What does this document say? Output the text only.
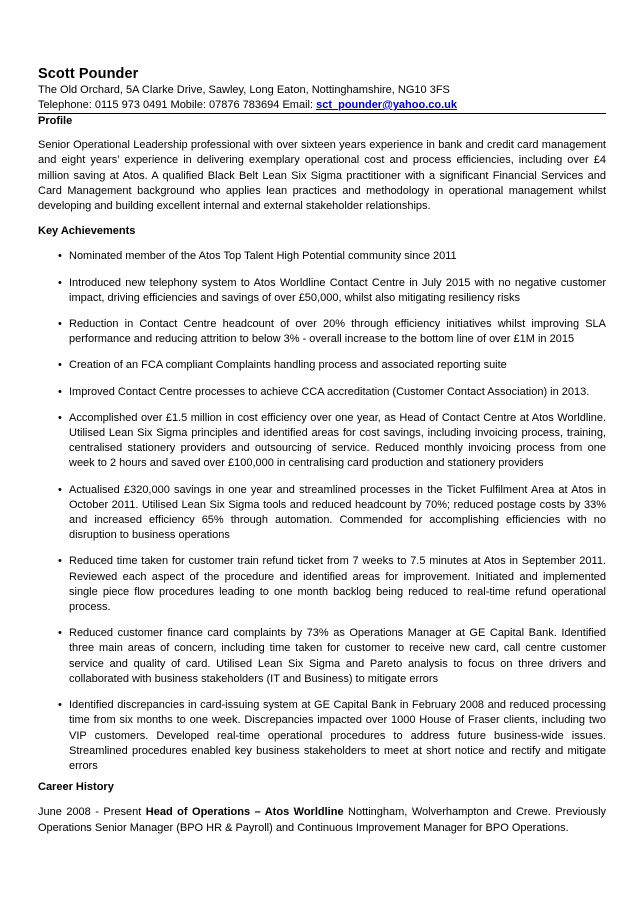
Scott Pounder
The Old Orchard, 5A Clarke Drive, Sawley, Long Eaton, Nottinghamshire, NG10 3FS
Telephone: 0115 973 0491 Mobile: 07876 783694 Email: sct_pounder@yahoo.co.uk
Profile

Senior Operational Leadership professional with over sixteen years experience in bank and credit card management and eight years’ experience in delivering exemplary operational cost and process efficiencies, including over £4 million saving at Atos. A qualified Black Belt Lean Six Sigma practitioner with a significant Financial Services and Card Management background who applies lean practices and methodology in operational management whilst developing and building excellent internal and external stakeholder relationships.

Key Achievements
• Nominated member of the Atos Top Talent High Potential community since 2011
• Introduced new telephony system to Atos Worldline Contact Centre in July 2015 with no negative customer impact, driving efficiencies and savings of over £50,000, whilst also mitigating resiliency risks
• Reduction in Contact Centre headcount of over 20% through efficiency initiatives whilst improving SLA performance and reducing attrition to below 3% - overall increase to the bottom line of over £1M in 2015
• Creation of an FCA compliant Complaints handling process and associated reporting suite
• Improved Contact Centre processes to achieve CCA accreditation (Customer Contact Association) in 2013.
• Accomplished over £1.5 million in cost efficiency over one year, as Head of Contact Centre at Atos Worldline. Utilised Lean Six Sigma principles and identified areas for cost savings, including invoicing process, training, centralised stationery providers and outsourcing of service. Reduced monthly invoicing process from one week to 2 hours and saved over £100,000 in centralising card production and stationery providers
• Actualised £320,000 savings in one year and streamlined processes in the Ticket Fulfilment Area at Atos in October 2011. Utilised Lean Six Sigma tools and reduced headcount by 70%; reduced postage costs by 33% and increased efficiency 65% through automation. Commended for accomplishing efficiencies with no disruption to business operations
• Reduced time taken for customer train refund ticket from 7 weeks to 7.5 minutes at Atos in September 2011. Reviewed each aspect of the procedure and identified areas for improvement. Initiated and implemented single piece flow procedures leading to one month backlog being reduced to real-time refund operational process.
• Reduced customer finance card complaints by 73% as Operations Manager at GE Capital Bank. Identified three main areas of concern, including time taken for customer to receive new card, call centre customer service and quality of card. Utilised Lean Six Sigma and Pareto analysis to focus on three drivers and collaborated with business stakeholders (IT and Business) to mitigate errors
• Identified discrepancies in card-issuing system at GE Capital Bank in February 2008 and reduced processing time from six months to one week. Discrepancies impacted over 1000 House of Fraser clients, including two VIP customers. Developed real-time operational procedures to address future business-wide issues. Streamlined procedures enabled key business stakeholders to meet at short notice and rectify and mitigate errors
Career History

June 2008 - Present Head of Operations – Atos Worldline Nottingham, Wolverhampton and Crewe. Previously Operations Senior Manager (BPO HR & Payroll) and Continuous Improvement Manager for BPO Operations.
